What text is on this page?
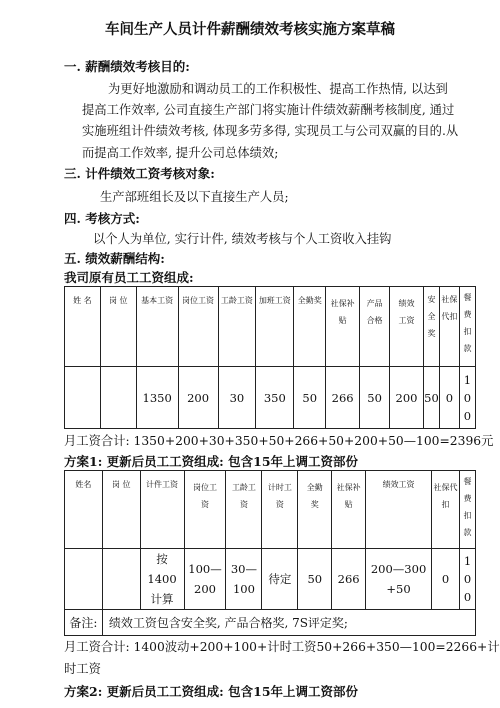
车间生产人员计件薪酬绩效考核实施方案草稿
一. 薪酬绩效考核目的:
为更好地激励和调动员工的工作积极性、提高工作热情, 以达到
提高工作效率, 公司直接生产部门将实施计件绩效薪酬考核制度, 通过
实施班组计件绩效考核, 体现多劳多得, 实现员工与公司双赢的目的.从
而提高工作效率, 提升公司总体绩效;
三. 计件绩效工资考核对象:
生产部班组长及以下直接生产人员;
四. 考核方式:
以个人为单位, 实行计件, 绩效考核与个人工资收入挂钩
五. 绩效薪酬结构:
我司原有员工工资组成:
姓 名	岗 位	基本工资	岗位工资	工龄工资	加班工资	全勤奖	社保补贴	产品合格	绩效工资	安全奖	社保代扣	餐费扣款

		1350	200	30	350	50	266	50	200	50	0	100
月工资合计: 1350+200+30+350+50+266+50+200+50—100=2396元
方案1: 更新后员工工资组成: 包含15年上调工资部份
姓名	岗 位	计件工资	岗位工资	工龄工资	计时工资	全勤奖	社保补贴	绩效工资	社保代扣	餐费扣款

		按1400计算	100—200	30—100	待定	50	266	200—300+50	0	100

备注:	绩效工资包含安全奖, 产品合格奖, 7S评定奖;									
月工资合计: 1400波动+200+100+计时工资50+266+350—100=2266+计
时工资
方案2: 更新后员工工资组成: 包含15年上调工资部份
